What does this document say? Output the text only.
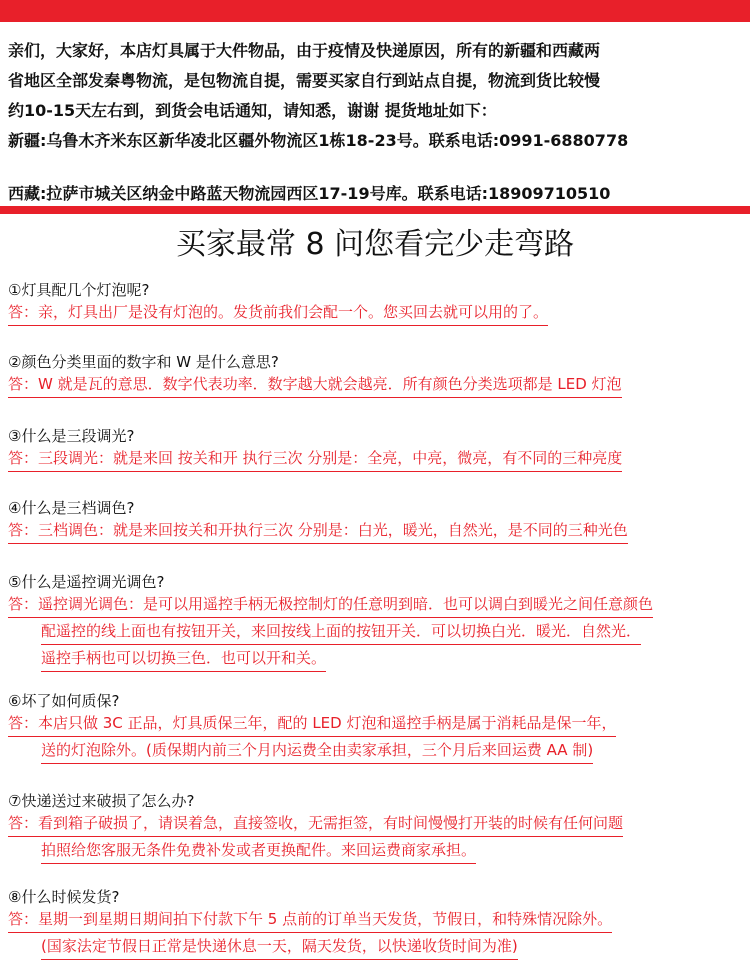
亲们，大家好，本店灯具属于大件物品，由于疫情及快递原因，所有的新疆和西藏两
省地区全部发秦粤物流，是包物流自提，需要买家自行到站点自提，物流到货比较慢
约10-15天左右到，到货会电话通知，请知悉，谢谢 提货地址如下：
新疆:乌鲁木齐米东区新华凌北区疆外物流区1栋18-23号。联系电话:0991-6880778
西藏:拉萨市城关区纳金中路蓝天物流园西区17-19号库。联系电话:18909710510
买家最常 8 问您看完少走弯路
①灯具配几个灯泡呢?
答：亲，灯具出厂是没有灯泡的。发货前我们会配一个。您买回去就可以用的了。
②颜色分类里面的数字和 W 是什么意思?
答：W 就是瓦的意思．数字代表功率．数字越大就会越亮．所有颜色分类选项都是 LED 灯泡
③什么是三段调光?
答：三段调光：就是来回 按关和开 执行三次 分别是：全亮，中亮，微亮，有不同的三种亮度
④什么是三档调色?
答：三档调色：就是来回按关和开执行三次 分别是：白光，暖光，自然光，是不同的三种光色
⑤什么是遥控调光调色?
答：遥控调光调色：是可以用遥控手柄无极控制灯的任意明到暗．也可以调白到暖光之间任意颜色
配遥控的线上面也有按钮开关，来回按线上面的按钮开关．可以切换白光．暖光．自然光．
遥控手柄也可以切换三色．也可以开和关。
⑥坏了如何质保?
答：本店只做 3C 正品，灯具质保三年，配的 LED 灯泡和遥控手柄是属于消耗品是保一年，
送的灯泡除外。(质保期内前三个月内运费全由卖家承担，三个月后来回运费 AA 制)
⑦快递送过来破损了怎么办?
答：看到箱子破损了，请误着急，直接签收，无需拒签，有时间慢慢打开装的时候有任何问题
拍照给您客服无条件免费补发或者更换配件。来回运费商家承担。
⑧什么时候发货?
答：星期一到星期日期间拍下付款下午 5 点前的订单当天发货，节假日，和特殊情况除外。
(国家法定节假日正常是快递休息一天，隔天发货，以快递收货时间为准)
